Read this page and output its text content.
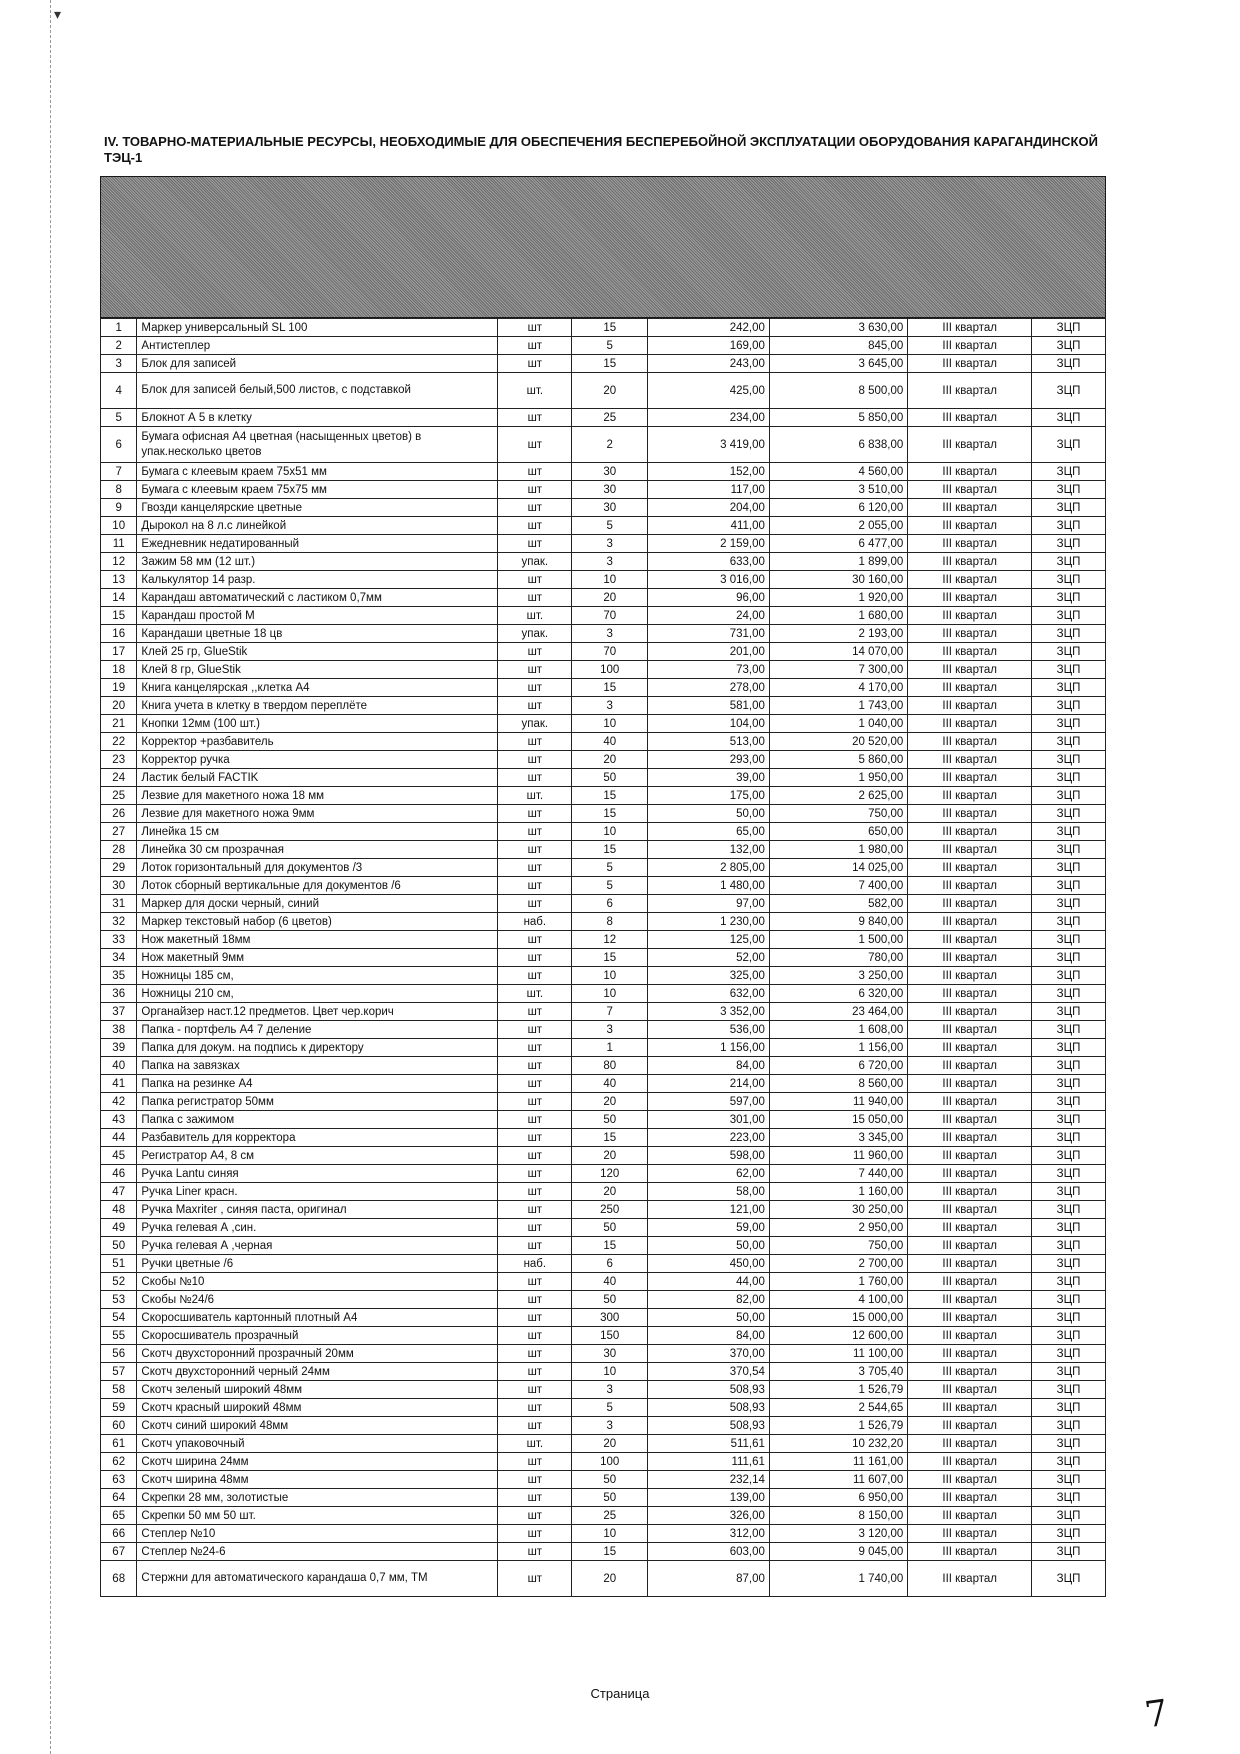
▾
IV. ТОВАРНО-МАТЕРИАЛЬНЫЕ РЕСУРСЫ, НЕОБХОДИМЫЕ ДЛЯ ОБЕСПЕЧЕНИЯ БЕСПЕРЕБОЙНОЙ ЭКСПЛУАТАЦИИ ОБОРУДОВАНИЯ КАРАГАНДИНСКОЙ ТЭЦ-1
1	Маркер универсальный SL 100	шт	15	242,00	3 630,00	III квартал	ЗЦП
2	Антистеплер	шт	5	169,00	845,00	III квартал	ЗЦП
3	Блок для записей	шт	15	243,00	3 645,00	III квартал	ЗЦП
4	Блок для записей белый,500 листов, с подставкой	шт.	20	425,00	8 500,00	III квартал	ЗЦП
5	Блокнот А 5 в клетку	шт	25	234,00	5 850,00	III квартал	ЗЦП
6	Бумага офисная А4 цветная (насыщенных цветов) в упак.несколько цветов	шт	2	3 419,00	6 838,00	III квартал	ЗЦП
7	Бумага с клеевым краем 75х51 мм	шт	30	152,00	4 560,00	III квартал	ЗЦП
8	Бумага с клеевым краем 75х75 мм	шт	30	117,00	3 510,00	III квартал	ЗЦП
9	Гвозди канцелярские цветные	шт	30	204,00	6 120,00	III квартал	ЗЦП
10	Дырокол на 8 л.с линейкой	шт	5	411,00	2 055,00	III квартал	ЗЦП
11	Ежедневник недатированный	шт	3	2 159,00	6 477,00	III квартал	ЗЦП
12	Зажим 58 мм (12 шт.)	упак.	3	633,00	1 899,00	III квартал	ЗЦП
13	Калькулятор 14 разр.	шт	10	3 016,00	30 160,00	III квартал	ЗЦП
14	Карандаш автоматический с ластиком 0,7мм	шт	20	96,00	1 920,00	III квартал	ЗЦП
15	Карандаш простой М	шт.	70	24,00	1 680,00	III квартал	ЗЦП
16	Карандаши цветные 18 цв	упак.	3	731,00	2 193,00	III квартал	ЗЦП
17	Клей 25 гр, GlueStik	шт	70	201,00	14 070,00	III квартал	ЗЦП
18	Клей 8 гр, GlueStik	шт	100	73,00	7 300,00	III квартал	ЗЦП
19	Книга канцелярская ,,клетка А4	шт	15	278,00	4 170,00	III квартал	ЗЦП
20	Книга учета в клетку в твердом переплёте	шт	3	581,00	1 743,00	III квартал	ЗЦП
21	Кнопки 12мм (100 шт.)	упак.	10	104,00	1 040,00	III квартал	ЗЦП
22	Корректор +разбавитель	шт	40	513,00	20 520,00	III квартал	ЗЦП
23	Корректор ручка	шт	20	293,00	5 860,00	III квартал	ЗЦП
24	Ластик белый FACTIK	шт	50	39,00	1 950,00	III квартал	ЗЦП
25	Лезвие для макетного ножа 18 мм	шт.	15	175,00	2 625,00	III квартал	ЗЦП
26	Лезвие для макетного ножа 9мм	шт	15	50,00	750,00	III квартал	ЗЦП
27	Линейка 15 см	шт	10	65,00	650,00	III квартал	ЗЦП
28	Линейка 30 см прозрачная	шт	15	132,00	1 980,00	III квартал	ЗЦП
29	Лоток горизонтальный для документов /3	шт	5	2 805,00	14 025,00	III квартал	ЗЦП
30	Лоток сборный вертикальные для документов /6	шт	5	1 480,00	7 400,00	III квартал	ЗЦП
31	Маркер для доски черный, синий	шт	6	97,00	582,00	III квартал	ЗЦП
32	Маркер текстовый набор (6 цветов)	наб.	8	1 230,00	9 840,00	III квартал	ЗЦП
33	Нож макетный 18мм	шт	12	125,00	1 500,00	III квартал	ЗЦП
34	Нож макетный 9мм	шт	15	52,00	780,00	III квартал	ЗЦП
35	Ножницы 185 см,	шт	10	325,00	3 250,00	III квартал	ЗЦП
36	Ножницы 210 см,	шт.	10	632,00	6 320,00	III квартал	ЗЦП
37	Органайзер наст.12 предметов. Цвет чер.корич	шт	7	3 352,00	23 464,00	III квартал	ЗЦП
38	Папка - портфель А4 7 деление	шт	3	536,00	1 608,00	III квартал	ЗЦП
39	Папка для докум. на подпись к директору	шт	1	1 156,00	1 156,00	III квартал	ЗЦП
40	Папка на завязках	шт	80	84,00	6 720,00	III квартал	ЗЦП
41	Папка на резинке А4	шт	40	214,00	8 560,00	III квартал	ЗЦП
42	Папка регистратор 50мм	шт	20	597,00	11 940,00	III квартал	ЗЦП
43	Папка с зажимом	шт	50	301,00	15 050,00	III квартал	ЗЦП
44	Разбавитель для корректора	шт	15	223,00	3 345,00	III квартал	ЗЦП
45	Регистратор А4, 8 см	шт	20	598,00	11 960,00	III квартал	ЗЦП
46	Ручка Lantu синяя	шт	120	62,00	7 440,00	III квартал	ЗЦП
47	Ручка Liner красн.	шт	20	58,00	1 160,00	III квартал	ЗЦП
48	Ручка Maxriter , синяя паста, оригинал	шт	250	121,00	30 250,00	III квартал	ЗЦП
49	Ручка гелевая А ,син.	шт	50	59,00	2 950,00	III квартал	ЗЦП
50	Ручка гелевая А ,черная	шт	15	50,00	750,00	III квартал	ЗЦП
51	Ручки цветные /6	наб.	6	450,00	2 700,00	III квартал	ЗЦП
52	Скобы №10	шт	40	44,00	1 760,00	III квартал	ЗЦП
53	Скобы №24/6	шт	50	82,00	4 100,00	III квартал	ЗЦП
54	Скоросшиватель картонный плотный А4	шт	300	50,00	15 000,00	III квартал	ЗЦП
55	Скоросшиватель прозрачный	шт	150	84,00	12 600,00	III квартал	ЗЦП
56	Скотч двухсторонний прозрачный 20мм	шт	30	370,00	11 100,00	III квартал	ЗЦП
57	Скотч двухсторонний черный 24мм	шт	10	370,54	3 705,40	III квартал	ЗЦП
58	Скотч зеленый широкий 48мм	шт	3	508,93	1 526,79	III квартал	ЗЦП
59	Скотч красный широкий 48мм	шт	5	508,93	2 544,65	III квартал	ЗЦП
60	Скотч синий широкий 48мм	шт	3	508,93	1 526,79	III квартал	ЗЦП
61	Скотч упаковочный	шт.	20	511,61	10 232,20	III квартал	ЗЦП
62	Скотч ширина 24мм	шт	100	111,61	11 161,00	III квартал	ЗЦП
63	Скотч ширина 48мм	шт	50	232,14	11 607,00	III квартал	ЗЦП
64	Скрепки 28 мм, золотистые	шт	50	139,00	6 950,00	III квартал	ЗЦП
65	Скрепки 50 мм 50 шт.	шт	25	326,00	8 150,00	III квартал	ЗЦП
66	Степлер №10	шт	10	312,00	3 120,00	III квартал	ЗЦП
67	Степлер №24-6	шт	15	603,00	9 045,00	III квартал	ЗЦП
68	Стержни для автоматического карандаша 0,7 мм, ТМ	шт	20	87,00	1 740,00	III квартал	ЗЦП
Страница	7
